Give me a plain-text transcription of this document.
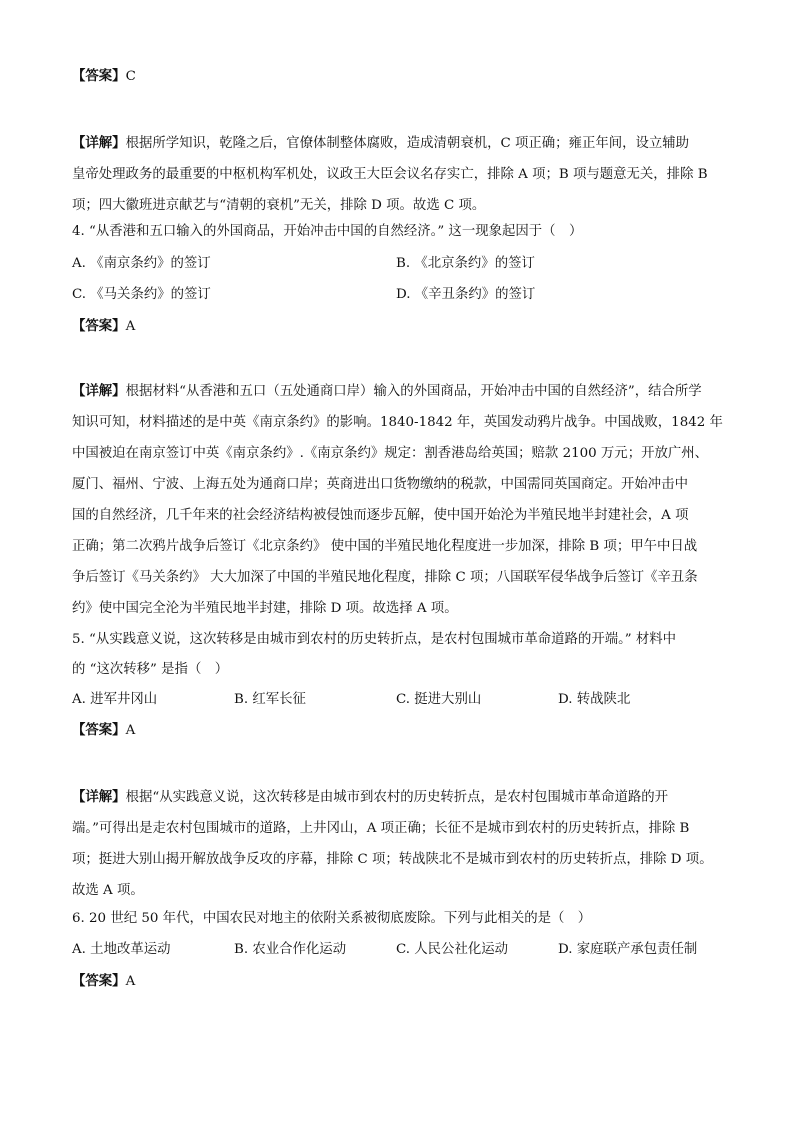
【答案】C
【详解】根据所学知识，乾隆之后，官僚体制整体腐败，造成清朝衰机，C 项正确；雍正年间，设立辅助
皇帝处理政务的最重要的中枢机构军机处，议政王大臣会议名存实亡，排除 A 项；B 项与题意无关，排除 B
项；四大徽班进京献艺与“清朝的衰机”无关，排除 D 项。故选 C 项。
4. “从香港和五口输入的外国商品，开始冲击中国的自然经济。” 这一现象起因于（　）
A. 《南京条约》的签订	B. 《北京条约》的签订
C. 《马关条约》的签订	D. 《辛丑条约》的签订
【答案】A
【详解】根据材料“从香港和五口（五处通商口岸）输入的外国商品，开始冲击中国的自然经济”，结合所学
知识可知，材料描述的是中英《南京条约》的影响。1840-1842 年，英国发动鸦片战争。中国战败，1842 年
中国被迫在南京签订中英《南京条约》.《南京条约》规定：割香港岛给英国；赔款 2100 万元；开放广州、
厦门、福州、宁波、上海五处为通商口岸；英商进出口货物缴纳的税款，中国需同英国商定。开始冲击中
国的自然经济，几千年来的社会经济结构被侵蚀而逐步瓦解，使中国开始沦为半殖民地半封建社会，A 项
正确；第二次鸦片战争后签订《北京条约》 使中国的半殖民地化程度进一步加深，排除 B 项；甲午中日战
争后签订《马关条约》 大大加深了中国的半殖民地化程度，排除 C 项；八国联军侵华战争后签订《辛丑条
约》使中国完全沦为半殖民地半封建，排除 D 项。故选择 A 项。
5. “从实践意义说，这次转移是由城市到农村的历史转折点，是农村包围城市革命道路的开端。” 材料中
的 “这次转移” 是指（　）
A. 进军井冈山	B. 红军长征	C. 挺进大别山	D. 转战陕北
【答案】A
【详解】根据“从实践意义说，这次转移是由城市到农村的历史转折点，是农村包围城市革命道路的开
端。”可得出是走农村包围城市的道路，上井冈山，A 项正确；长征不是城市到农村的历史转折点，排除 B
项；挺进大别山揭开解放战争反攻的序幕，排除 C 项；转战陕北不是城市到农村的历史转折点，排除 D 项。
故选 A 项。
6. 20 世纪 50 年代，中国农民对地主的依附关系被彻底废除。下列与此相关的是（　）
A. 土地改革运动	B. 农业合作化运动	C. 人民公社化运动	D. 家庭联产承包责任制
【答案】A
